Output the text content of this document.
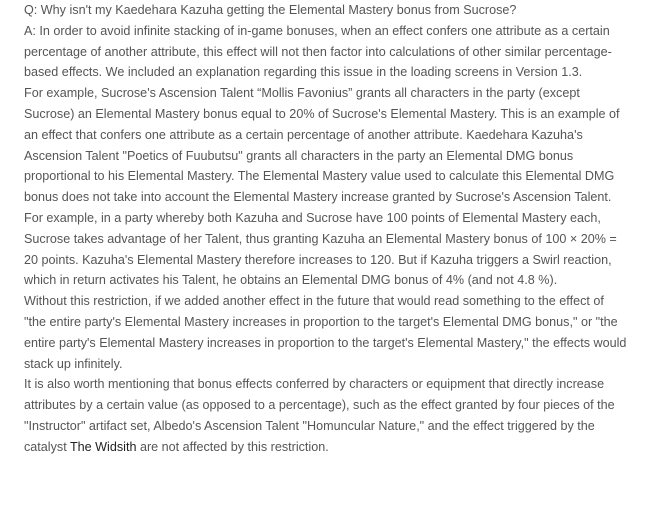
Q: Why isn't my Kaedehara Kazuha getting the Elemental Mastery bonus from Sucrose?

A: In order to avoid infinite stacking of in-game bonuses, when an effect confers one attribute as a certain percentage of another attribute, this effect will not then factor into calculations of other similar percentage-based effects. We included an explanation regarding this issue in the loading screens in Version 1.3.

For example, Sucrose's Ascension Talent “Mollis Favonius” grants all characters in the party (except Sucrose) an Elemental Mastery bonus equal to 20% of Sucrose's Elemental Mastery. This is an example of an effect that confers one attribute as a certain percentage of another attribute. Kaedehara Kazuha's Ascension Talent "Poetics of Fuubutsu" grants all characters in the party an Elemental DMG bonus proportional to his Elemental Mastery. The Elemental Mastery value used to calculate this Elemental DMG bonus does not take into account the Elemental Mastery increase granted by Sucrose's Ascension Talent.

For example, in a party whereby both Kazuha and Sucrose have 100 points of Elemental Mastery each, Sucrose takes advantage of her Talent, thus granting Kazuha an Elemental Mastery bonus of 100 × 20% = 20 points. Kazuha's Elemental Mastery therefore increases to 120. But if Kazuha triggers a Swirl reaction, which in return activates his Talent, he obtains an Elemental DMG bonus of 4% (and not 4.8 %).

Without this restriction, if we added another effect in the future that would read something to the effect of "the entire party's Elemental Mastery increases in proportion to the target's Elemental DMG bonus," or "the entire party's Elemental Mastery increases in proportion to the target's Elemental Mastery," the effects would stack up infinitely.

It is also worth mentioning that bonus effects conferred by characters or equipment that directly increase attributes by a certain value (as opposed to a percentage), such as the effect granted by four pieces of the "Instructor" artifact set, Albedo's Ascension Talent "Homuncular Nature," and the effect triggered by the catalyst The Widsith are not affected by this restriction.
